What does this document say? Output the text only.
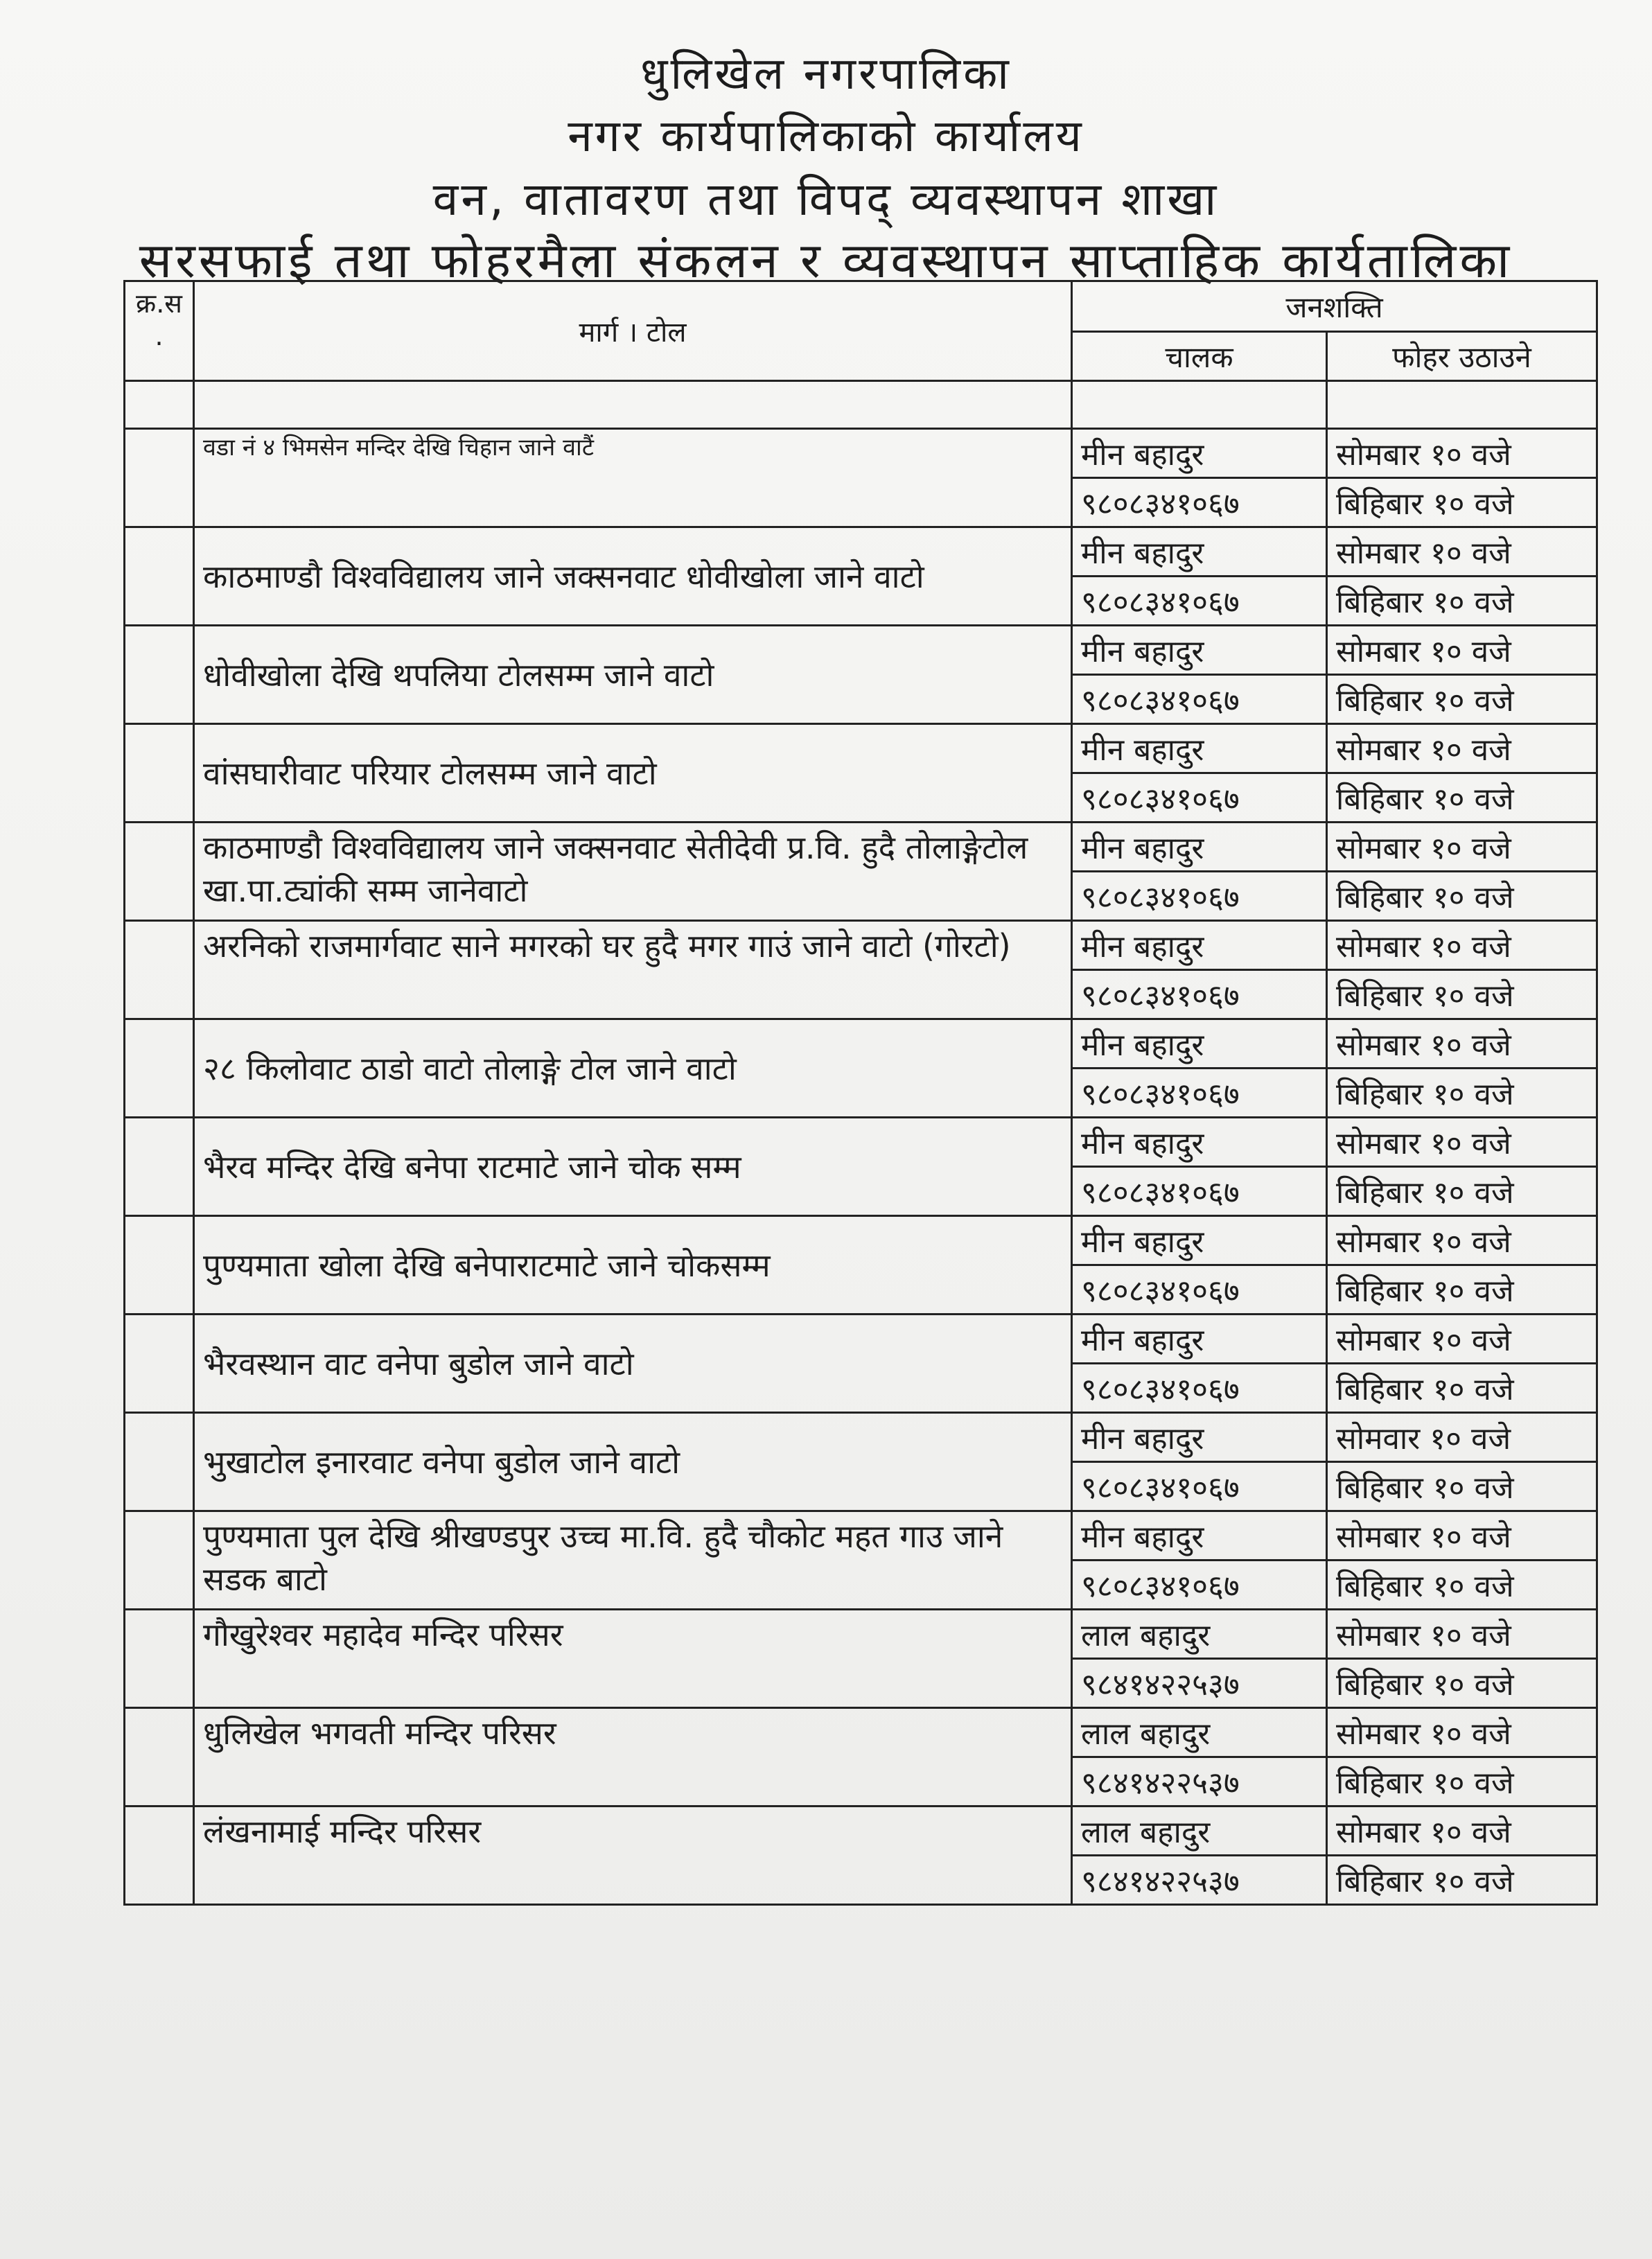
धुलिखेल नगरपालिका
नगर कार्यपालिकाको कार्यालय
वन, वातावरण तथा विपद् व्यवस्थापन शाखा
सरसफाई तथा फोहरमैला संकलन र व्यवस्थापन साप्ताहिक कार्यतालिका
क्र.स .	मार्ग । टोल	जनशक्ति	
		चालक	फोहर उठाउने

	वडा नं ४ भिमसेन मन्दिर देखि चिहान जाने वाटैं	मीन बहादुर	सोमबार १० वजे
		९८०८३४१०६७	बिहिबार १० वजे
	काठमाण्डौ विश्वविद्यालय जाने जक्सनवाट धोवीखोला जाने वाटो	मीन बहादुर	सोमबार १० वजे
		९८०८३४१०६७	बिहिबार १० वजे
	धोवीखोला देखि थपलिया टोलसम्म जाने वाटो	मीन बहादुर	सोमबार १० वजे
		९८०८३४१०६७	बिहिबार १० वजे
	वांसघारीवाट परियार टोलसम्म जाने वाटो	मीन बहादुर	सोमबार १० वजे
		९८०८३४१०६७	बिहिबार १० वजे
	काठमाण्डौ विश्वविद्यालय जाने जक्सनवाट सेतीदेवी प्र.वि. हुदै तोलाङ्गेटोल खा.पा.ट्यांकी सम्म जानेवाटो	मीन बहादुर	सोमबार १० वजे
		९८०८३४१०६७	बिहिबार १० वजे
	अरनिको राजमार्गवाट साने मगरको घर हुदै मगर गाउं जाने वाटो (गोरटो)	मीन बहादुर	सोमबार १० वजे
		९८०८३४१०६७	बिहिबार १० वजे
	२८ किलोवाट ठाडो वाटो तोलाङ्गे टोल जाने वाटो	मीन बहादुर	सोमबार १० वजे
		९८०८३४१०६७	बिहिबार १० वजे
	भैरव मन्दिर देखि बनेपा राटमाटे जाने चोक सम्म	मीन बहादुर	सोमबार १० वजे
		९८०८३४१०६७	बिहिबार १० वजे
	पुण्यमाता खोला देखि बनेपाराटमाटे जाने चोकसम्म	मीन बहादुर	सोमबार १० वजे
		९८०८३४१०६७	बिहिबार १० वजे
	भैरवस्थान वाट वनेपा बुडोल जाने वाटो	मीन बहादुर	सोमबार १० वजे
		९८०८३४१०६७	बिहिबार १० वजे
	भुखाटोल इनारवाट वनेपा बुडोल जाने वाटो	मीन बहादुर	सोमवार १० वजे
		९८०८३४१०६७	बिहिबार १० वजे
	पुण्यमाता पुल देखि श्रीखण्डपुर उच्च मा.वि. हुदै चौकोट महत गाउ जाने सडक बाटो	मीन बहादुर	सोमबार १० वजे
		९८०८३४१०६७	बिहिबार १० वजे
	गौखुरेश्वर महादेव मन्दिर परिसर	लाल बहादुर	सोमबार १० वजे
		९८४१४२२५३७	बिहिबार १० वजे
	धुलिखेल भगवती मन्दिर परिसर	लाल बहादुर	सोमबार १० वजे
		९८४१४२२५३७	बिहिबार १० वजे
	लंखनामाई मन्दिर परिसर	लाल बहादुर	सोमबार १० वजे
		९८४१४२२५३७	बिहिबार १० वजे
